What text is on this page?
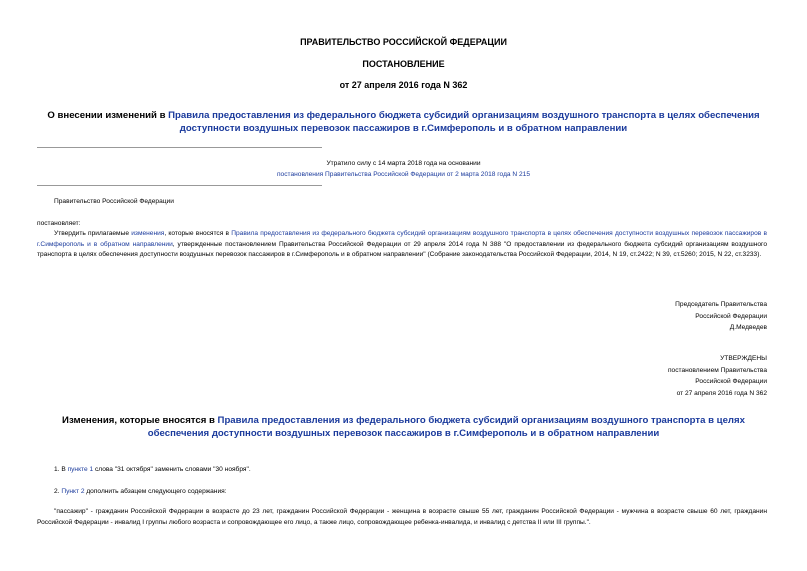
ПРАВИТЕЛЬСТВО РОССИЙСКОЙ ФЕДЕРАЦИИ
ПОСТАНОВЛЕНИЕ
от 27 апреля 2016 года N 362
О внесении изменений в Правила предоставления из федерального бюджета субсидий организациям воздушного транспорта в целях обеспечения доступности воздушных перевозок пассажиров в г.Симферополь и в обратном направлении
Утратило силу с 14 марта 2018 года на основании
постановления Правительства Российской Федерации от 2 марта 2018 года N 215
Правительство Российской Федерации
постановляет:
Утвердить прилагаемые изменения, которые вносятся в Правила предоставления из федерального бюджета субсидий организациям воздушного транспорта в целях обеспечения доступности воздушных перевозок пассажиров в г.Симферополь и в обратном направлении, утвержденные постановлением Правительства Российской Федерации от 29 апреля 2014 года N 388 "О предоставлении из федерального бюджета субсидий организациям воздушного транспорта в целях обеспечения доступности воздушных перевозок пассажиров в г.Симферополь и в обратном направлении" (Собрание законодательства Российской Федерации, 2014, N 19, ст.2422; N 39, ст.5260; 2015, N 22, ст.3233).
Председатель Правительства
Российской Федерации
Д.Медведев
УТВЕРЖДЕНЫ
постановлением Правительства
Российской Федерации
от 27 апреля 2016 года N 362
Изменения, которые вносятся в Правила предоставления из федерального бюджета субсидий организациям воздушного транспорта в целях обеспечения доступности воздушных перевозок пассажиров в г.Симферополь и в обратном направлении
1. В пункте 1 слова "31 октября" заменить словами "30 ноября".
2. Пункт 2 дополнить абзацем следующего содержания:
"пассажир" - гражданин Российской Федерации в возрасте до 23 лет, гражданин Российской Федерации - женщина в возрасте свыше 55 лет, гражданин Российской Федерации - мужчина в возрасте свыше 60 лет, гражданин Российской Федерации - инвалид I группы любого возраста и сопровождающее его лицо, а также лицо, сопровождающее ребенка-инвалида, и инвалид с детства II или III группы.".
